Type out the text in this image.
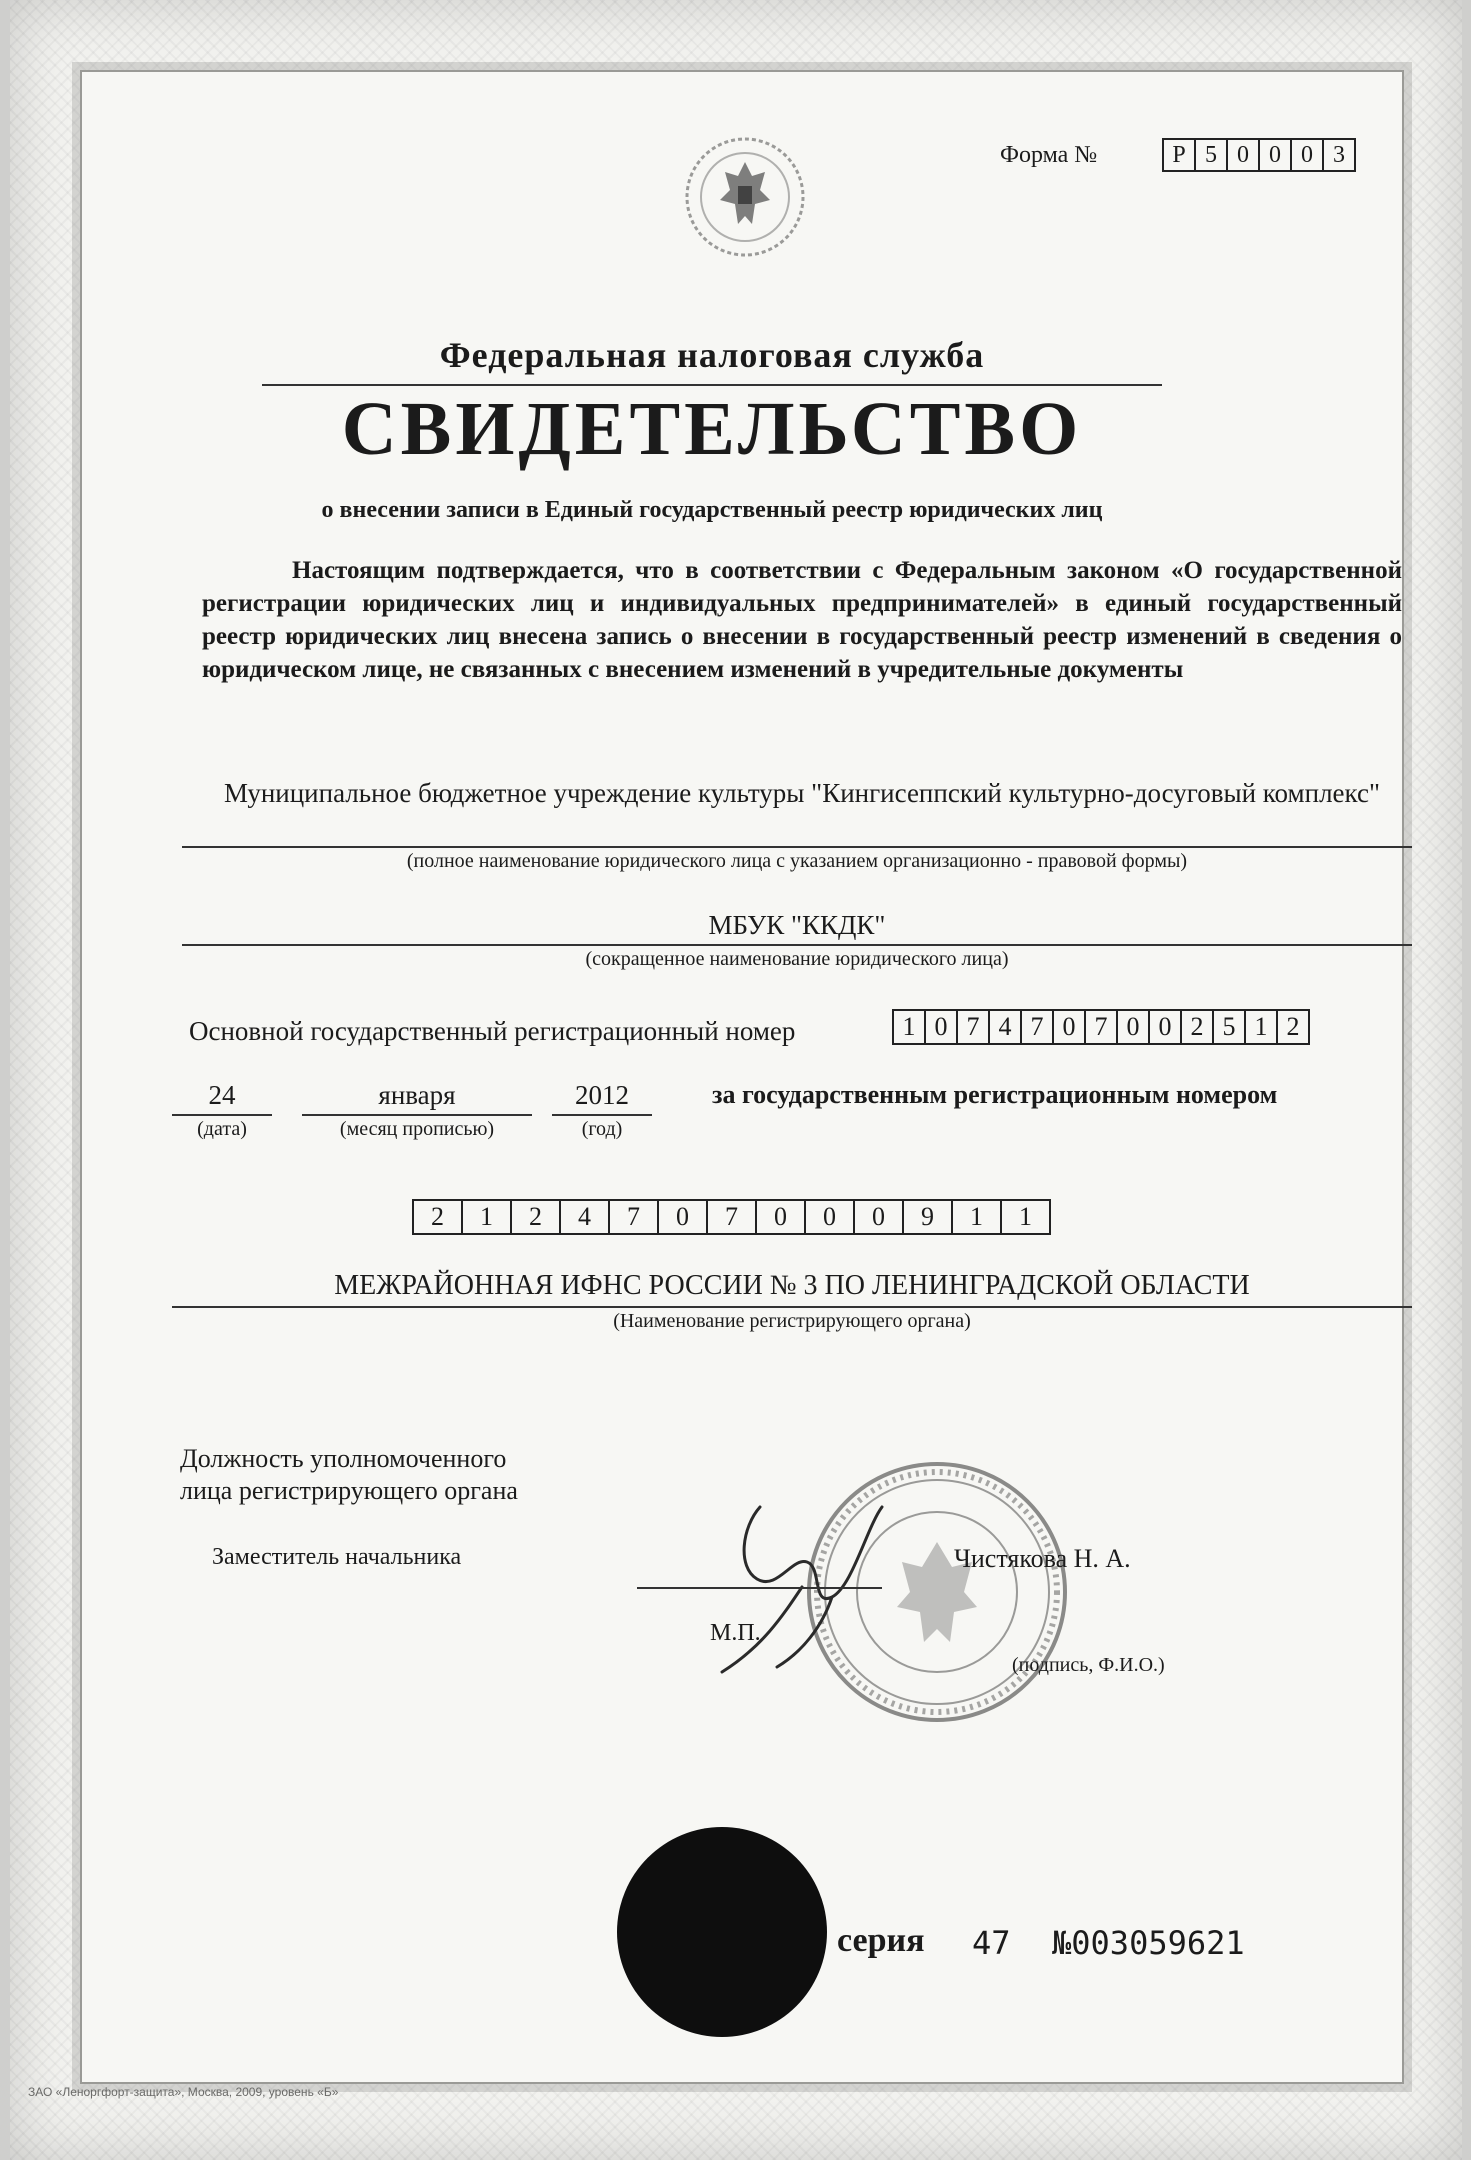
Форма №	Р 5 0 0 0 3
Федеральная налоговая служба
СВИДЕТЕЛЬСТВО
о внесении записи в Единый государственный реестр юридических лиц
Настоящим подтверждается, что в соответствии с Федеральным законом «О государственной регистрации юридических лиц и индивидуальных предпринимателей» в единый государственный реестр юридических лиц внесена запись о внесении в государственный реестр изменений в сведения о юридическом лице, не связанных с внесением изменений в учредительные документы
Муниципальное бюджетное учреждение культуры "Кингисеппский культурно-досуговый комплекс"
(полное наименование юридического лица с указанием организационно - правовой формы)
МБУК "ККДК"
(сокращенное наименование юридического лица)
Основной государственный регистрационный номер	1 0 7 4 7 0 7 0 0 2 5 1 2
24
(дата)
января
(месяц прописью)
2012
(год)
за государственным регистрационным номером
2	1	2	4	7	0	7	0	0	0	9	1	1
МЕЖРАЙОННАЯ ИФНС РОССИИ № 3 ПО ЛЕНИНГРАДСКОЙ ОБЛАСТИ
(Наименование регистрирующего органа)
Должность уполномоченного
лица регистрирующего органа
Заместитель начальника	Чистякова Н. А.
М.П.
(подпись, Ф.И.О.)
серия 47 №003059621
ЗАО «Леноргфорт-защита», Москва, 2009, уровень «Б»
